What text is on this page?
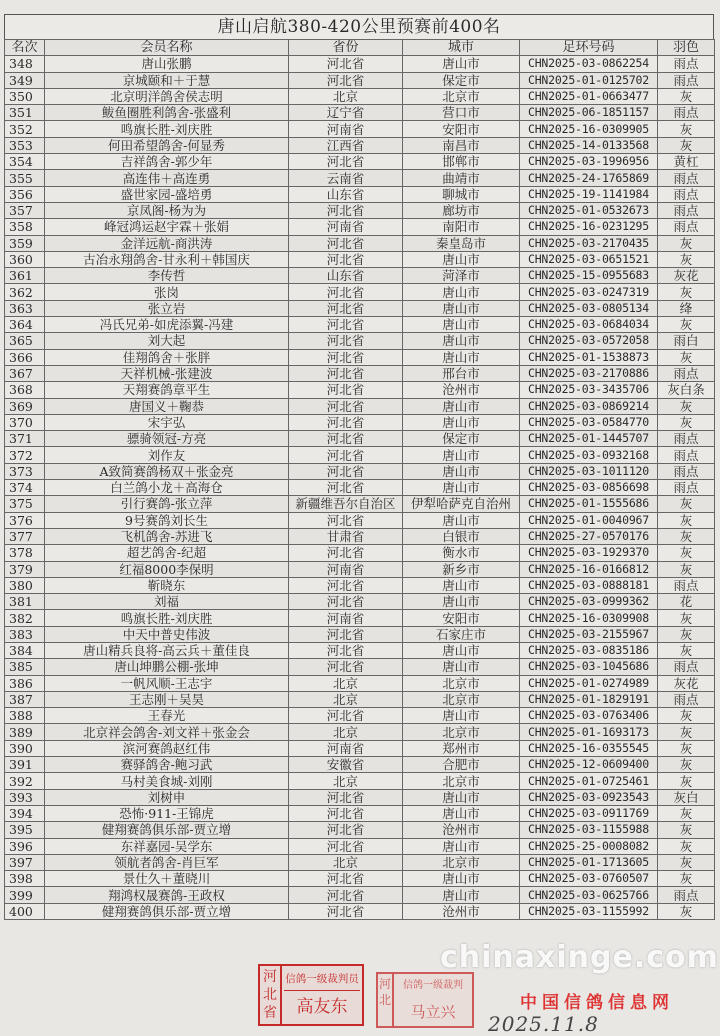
唐山启航380-420公里预赛前400名
名次	会员名称	省份	城市	足环号码	羽色
348	唐山张鹏	河北省	唐山市	CHN2025-03-0862254	雨点
349	京城颐和＋于慧	河北省	保定市	CHN2025-01-0125702	雨点
350	北京明洋鸽舍侯志明	北京	北京市	CHN2025-01-0663477	灰
351	鲅鱼圈胜利鸽舍-张盛利	辽宁省	营口市	CHN2025-06-1851157	雨点
352	鸣旗长胜-刘庆胜	河南省	安阳市	CHN2025-16-0309905	灰
353	何田希望鸽舍-何显秀	江西省	南昌市	CHN2025-14-0133568	灰
354	吉祥鸽舍-郭少年	河北省	邯郸市	CHN2025-03-1996956	黄杠
355	高连伟＋高连勇	云南省	曲靖市	CHN2025-24-1765869	雨点
356	盛世家园-盛培勇	山东省	聊城市	CHN2025-19-1141984	雨点
357	京凤阁-杨为为	河北省	廊坊市	CHN2025-01-0532673	雨点
358	峰冠鸿运赵宇霖＋张娟	河南省	南阳市	CHN2025-16-0231295	雨点
359	金洋远航-商洪涛	河北省	秦皇岛市	CHN2025-03-2170435	灰
360	古冶永翔鸽舍-甘永利＋韩国庆	河北省	唐山市	CHN2025-03-0651521	灰
361	李传哲	山东省	菏泽市	CHN2025-15-0955683	灰花
362	张岗	河北省	唐山市	CHN2025-03-0247319	灰
363	张立岩	河北省	唐山市	CHN2025-03-0805134	绛
364	冯氏兄弟-如虎添翼-冯建	河北省	唐山市	CHN2025-03-0684034	灰
365	刘大起	河北省	唐山市	CHN2025-03-0572058	雨白
366	佳翔鸽舍＋张胖	河北省	唐山市	CHN2025-01-1538873	灰
367	天祥机械-张建波	河北省	邢台市	CHN2025-03-2170886	雨点
368	天翔赛鸽章平生	河北省	沧州市	CHN2025-03-3435706	灰白条
369	唐国义＋鞠恭	河北省	唐山市	CHN2025-03-0869214	灰
370	宋宇弘	河北省	唐山市	CHN2025-03-0584770	灰
371	骠骑领冠-方亮	河北省	保定市	CHN2025-01-1445707	雨点
372	刘作友	河北省	唐山市	CHN2025-03-0932168	雨点
373	A致简赛鸽杨双＋张金亮	河北省	唐山市	CHN2025-03-1011120	雨点
374	白兰鸽小龙＋高海仓	河北省	唐山市	CHN2025-03-0856698	雨点
375	引行赛鸽-张立萍	新疆维吾尔自治区	伊犁哈萨克自治州	CHN2025-01-1555686	灰
376	9号赛鸽刘长生	河北省	唐山市	CHN2025-01-0040967	灰
377	飞机鸽舍-苏进飞	甘肃省	白银市	CHN2025-27-0570176	灰
378	超艺鸽舍-纪超	河北省	衡水市	CHN2025-03-1929370	灰
379	红福8000李保明	河南省	新乡市	CHN2025-16-0166812	灰
380	靳晓东	河北省	唐山市	CHN2025-03-0888181	雨点
381	刘福	河北省	唐山市	CHN2025-03-0999362	花
382	鸣旗长胜-刘庆胜	河南省	安阳市	CHN2025-16-0309908	灰
383	中天中普史伟波	河北省	石家庄市	CHN2025-03-2155967	灰
384	唐山精兵良将-高云兵＋董佳良	河北省	唐山市	CHN2025-03-0835186	灰
385	唐山坤鹏公棚-张坤	河北省	唐山市	CHN2025-03-1045686	雨点
386	一帆风顺-王志宇	北京	北京市	CHN2025-01-0274989	灰花
387	王志刚＋吴昊	北京	北京市	CHN2025-01-1829191	雨点
388	王春光	河北省	唐山市	CHN2025-03-0763406	灰
389	北京祥会鸽舍-刘文祥＋张金会	北京	北京市	CHN2025-01-1693173	灰
390	滨河赛鸽赵红伟	河南省	郑州市	CHN2025-16-0355545	灰
391	赛驿鸽舍-鲍习武	安徽省	合肥市	CHN2025-12-0609400	灰
392	马村美食城-刘刚	北京	北京市	CHN2025-01-0725461	灰
393	刘树申	河北省	唐山市	CHN2025-03-0923543	灰白
394	恐怖·911-王锦虎	河北省	唐山市	CHN2025-03-0911769	灰
395	健翔赛鸽俱乐部-贾立增	河北省	沧州市	CHN2025-03-1155988	灰
396	东祥嘉园-吴学东	河北省	唐山市	CHN2025-25-0008082	灰
397	领航者鸽舍-肖巨军	北京	北京市	CHN2025-01-1713605	灰
398	景仕久＋董晓川	河北省	唐山市	CHN2025-03-0760507	灰
399	翔鸿权晟赛鸽-王政权	河北省	唐山市	CHN2025-03-0625766	雨点
400	健翔赛鸽俱乐部-贾立增	河北省	沧州市	CHN2025-03-1155992	灰
chinaxinge.com
中国信鸽信息网
河北省
信鸽一级裁判员
高友东
河北
信鸽一级裁判
马立兴	2025.11.8
